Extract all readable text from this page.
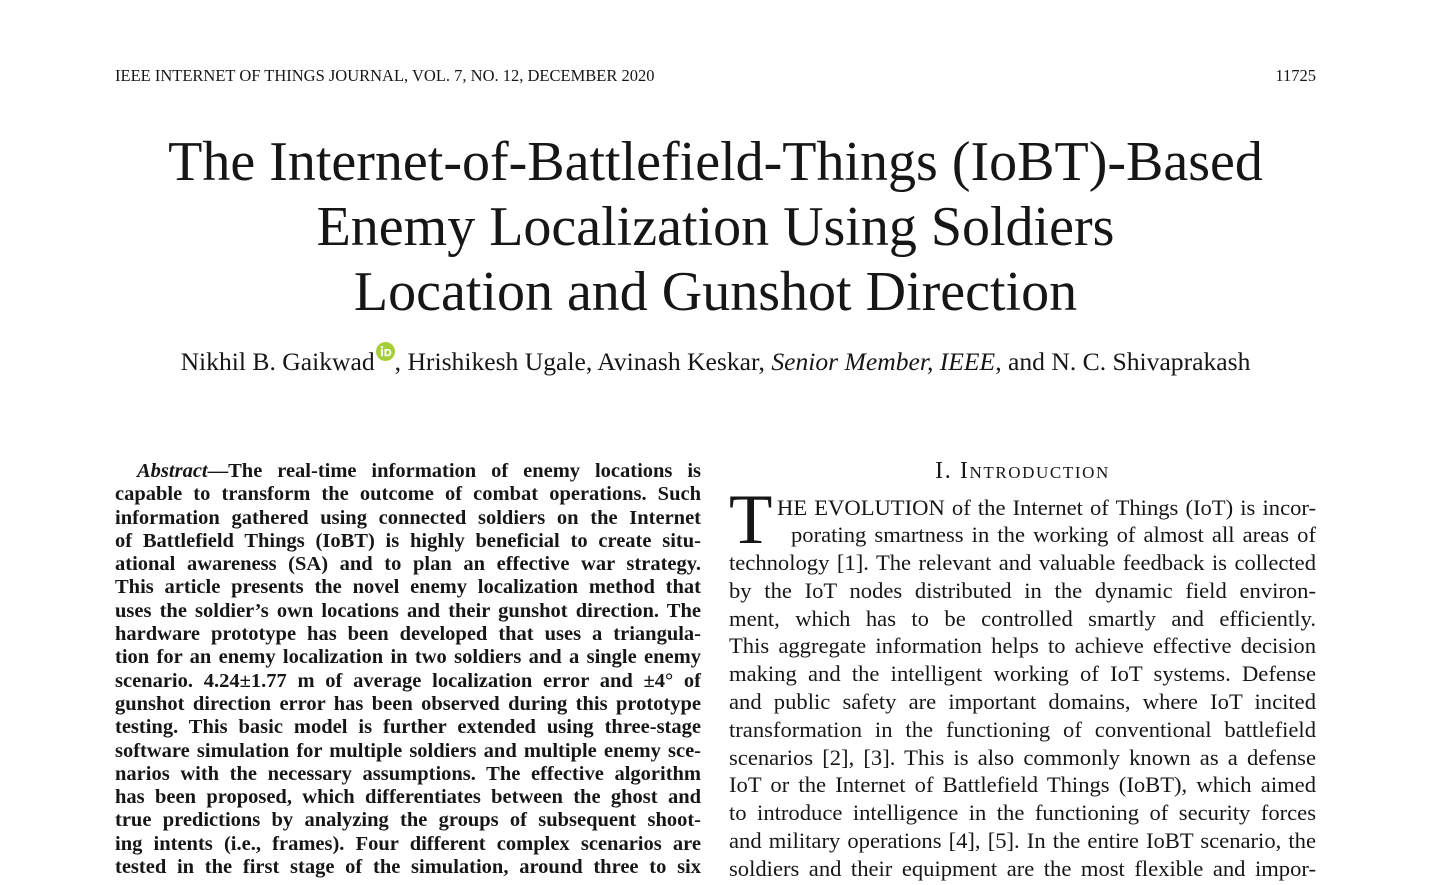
IEEE INTERNET OF THINGS JOURNAL, VOL. 7, NO. 12, DECEMBER 2020	11725
The Internet-of-Battlefield-Things (IoBT)-Based
Enemy Localization Using Soldiers
Location and Gunshot Direction
Nikhil B. Gaikwad , Hrishikesh Ugale, Avinash Keskar, Senior Member, IEEE, and N. C. Shivaprakash
Abstract—The real-time information of enemy locations is
capable to transform the outcome of combat operations. Such
information gathered using connected soldiers on the Internet
of Battlefield Things (IoBT) is highly beneficial to create situ-
ational awareness (SA) and to plan an effective war strategy.
This article presents the novel enemy localization method that
uses the soldier’s own locations and their gunshot direction. The
hardware prototype has been developed that uses a triangula-
tion for an enemy localization in two soldiers and a single enemy
scenario. 4.24±1.77 m of average localization error and ±4° of
gunshot direction error has been observed during this prototype
testing. This basic model is further extended using three-stage
software simulation for multiple soldiers and multiple enemy sce-
narios with the necessary assumptions. The effective algorithm
has been proposed, which differentiates between the ghost and
true predictions by analyzing the groups of subsequent shoot-
ing intents (i.e., frames). Four different complex scenarios are
tested in the first stage of the simulation, around three to six
I. Introduction
T HE EVOLUTION of the Internet of Things (IoT) is incor-
porating smartness in the working of almost all areas of
technology [1]. The relevant and valuable feedback is collected
by the IoT nodes distributed in the dynamic field environ-
ment, which has to be controlled smartly and efficiently.
This aggregate information helps to achieve effective decision
making and the intelligent working of IoT systems. Defense
and public safety are important domains, where IoT incited
transformation in the functioning of conventional battlefield
scenarios [2], [3]. This is also commonly known as a defense
IoT or the Internet of Battlefield Things (IoBT), which aimed
to introduce intelligence in the functioning of security forces
and military operations [4], [5]. In the entire IoBT scenario, the
soldiers and their equipment are the most flexible and impor-
